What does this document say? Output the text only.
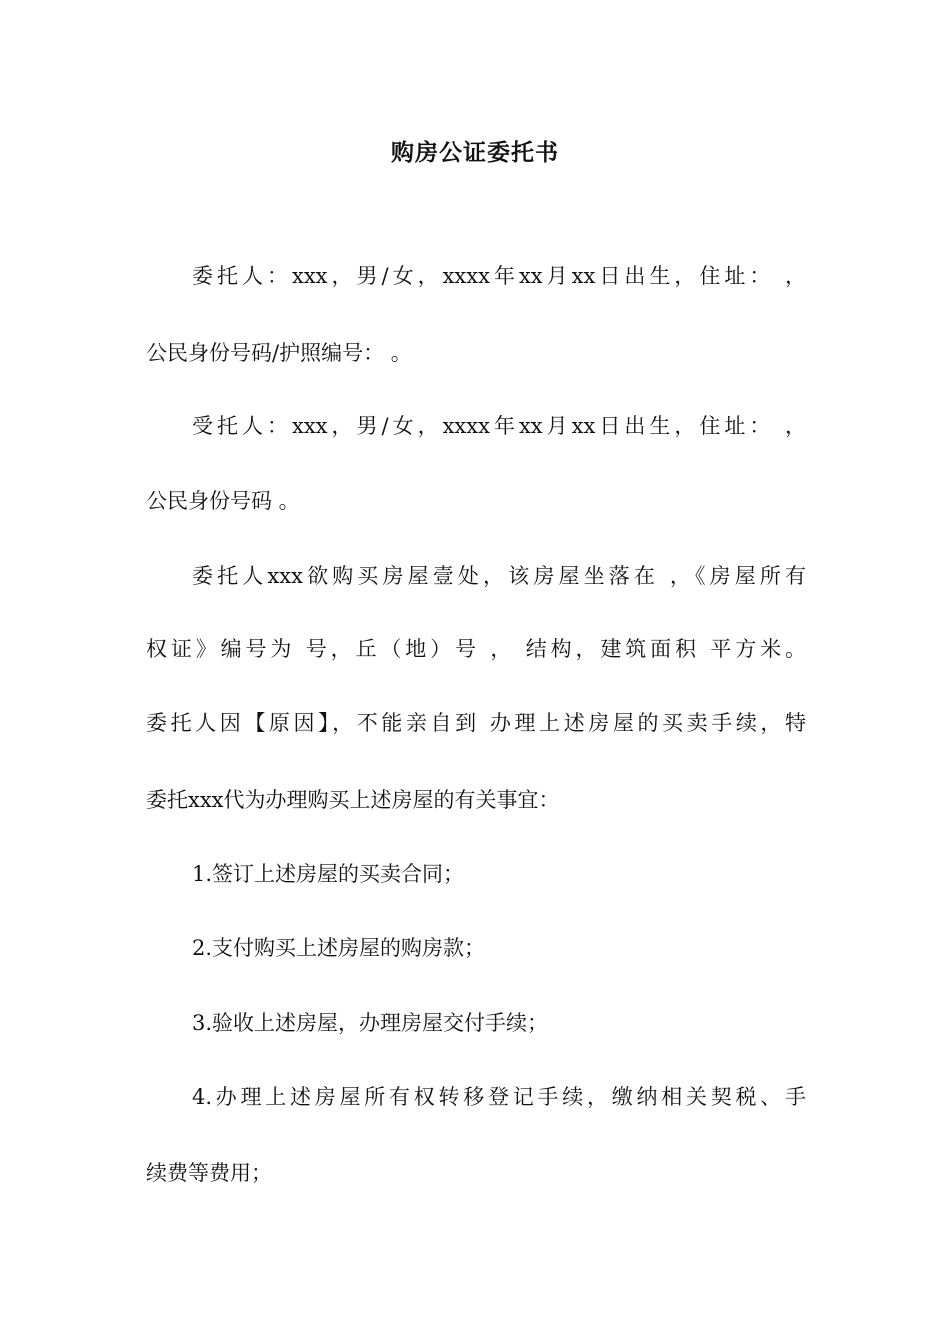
购房公证委托书
委托人：xxx，男/女，xxxx年xx月xx日出生，住址： ，
公民身份号码/护照编号： 。
受托人：xxx，男/女，xxxx年xx月xx日出生，住址： ，
公民身份号码 。
委托人xxx欲购买房屋壹处，该房屋坐落在 ，《房屋所有
权证》编号为 号，丘（地）号 ， 结构，建筑面积 平方米。
委托人因【原因】，不能亲自到 办理上述房屋的买卖手续，特
委托xxx代为办理购买上述房屋的有关事宜：
1.签订上述房屋的买卖合同；
2.支付购买上述房屋的购房款；
3.验收上述房屋，办理房屋交付手续；
4.办理上述房屋所有权转移登记手续，缴纳相关契税、手
续费等费用；
